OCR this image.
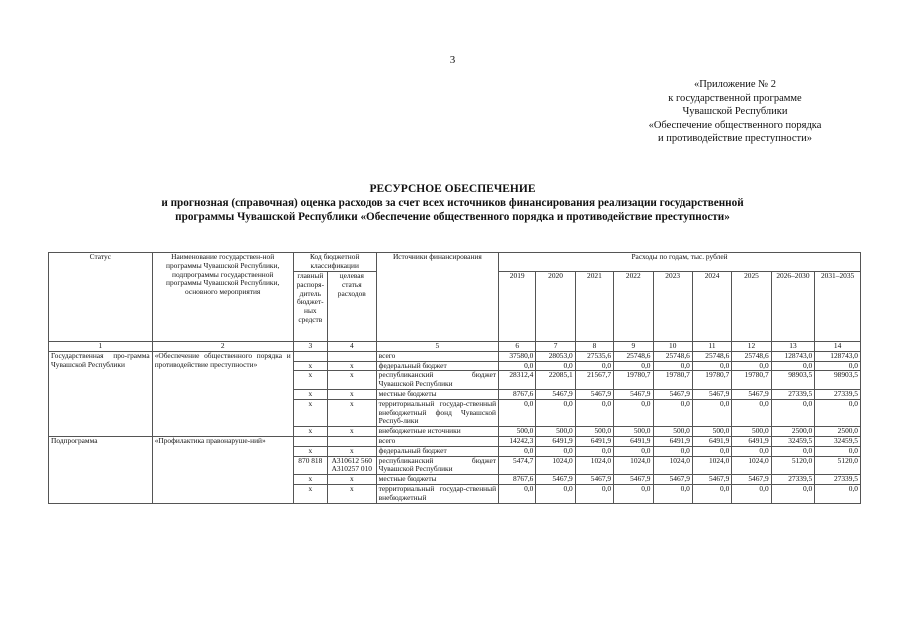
3
«Приложение № 2
к государственной программе
Чувашской Республики
«Обеспечение общественного порядка
и противодействие преступности»
РЕСУРСНОЕ ОБЕСПЕЧЕНИЕ
и прогнозная (справочная) оценка расходов за счет всех источников финансирования реализации государственной
программы Чувашской Республики «Обеспечение общественного порядка и противодействие преступности»
Статус	Наименование государствен-ной программы Чувашской Республики, подпрограммы государственной программы Чувашской Республики, основного мероприятия	Код бюджетной классификации		Источники финансирования	Расходы по годам, тыс. рублей								
		главный распоря-дитель бюджет-ных средств	целевая статья расходов		2019	2020	2021	2022	2023	2024	2025	2026–2030	2031–2035
1	2	3	4	5	6	7	8	9	10	11	12	13	14
Государственная про-грамма Чувашской Республики	«Обеспечение общественного порядка и противодействие преступности»			всего	37580,0	28053,0	27535,6	25748,6	25748,6	25748,6	25748,6	128743,0	128743,0
		х	х	федеральный бюджет	0,0	0,0	0,0	0,0	0,0	0,0	0,0	0,0	0,0
		х	х	республиканский бюджет Чувашской Республики	28312,4	22085,1	21567,7	19780,7	19780,7	19780,7	19780,7	98903,5	98903,5
		х	х	местные бюджеты	8767,6	5467,9	5467,9	5467,9	5467,9	5467,9	5467,9	27339,5	27339,5
		х	х	территориальный государ-ственный внебюджетный фонд Чувашской Респуб-лики	0,0	0,0	0,0	0,0	0,0	0,0	0,0	0,0	0,0
		х	х	внебюджетные источники	500,0	500,0	500,0	500,0	500,0	500,0	500,0	2500,0	2500,0
Подпрограмма	«Профилактика правонаруше-ний»			всего	14242,3	6491,9	6491,9	6491,9	6491,9	6491,9	6491,9	32459,5	32459,5
		х	х	федеральный бюджет	0,0	0,0	0,0	0,0	0,0	0,0	0,0	0,0	0,0
		870 818	А310612 560 А310257 010	республиканский бюджет Чувашской Республики	5474,7	1024,0	1024,0	1024,0	1024,0	1024,0	1024,0	5120,0	5120,0
		х	х	местные бюджеты	8767,6	5467,9	5467,9	5467,9	5467,9	5467,9	5467,9	27339,5	27339,5
		х	х	территориальный государ-ственный внебюджетный	0,0	0,0	0,0	0,0	0,0	0,0	0,0	0,0	0,0
